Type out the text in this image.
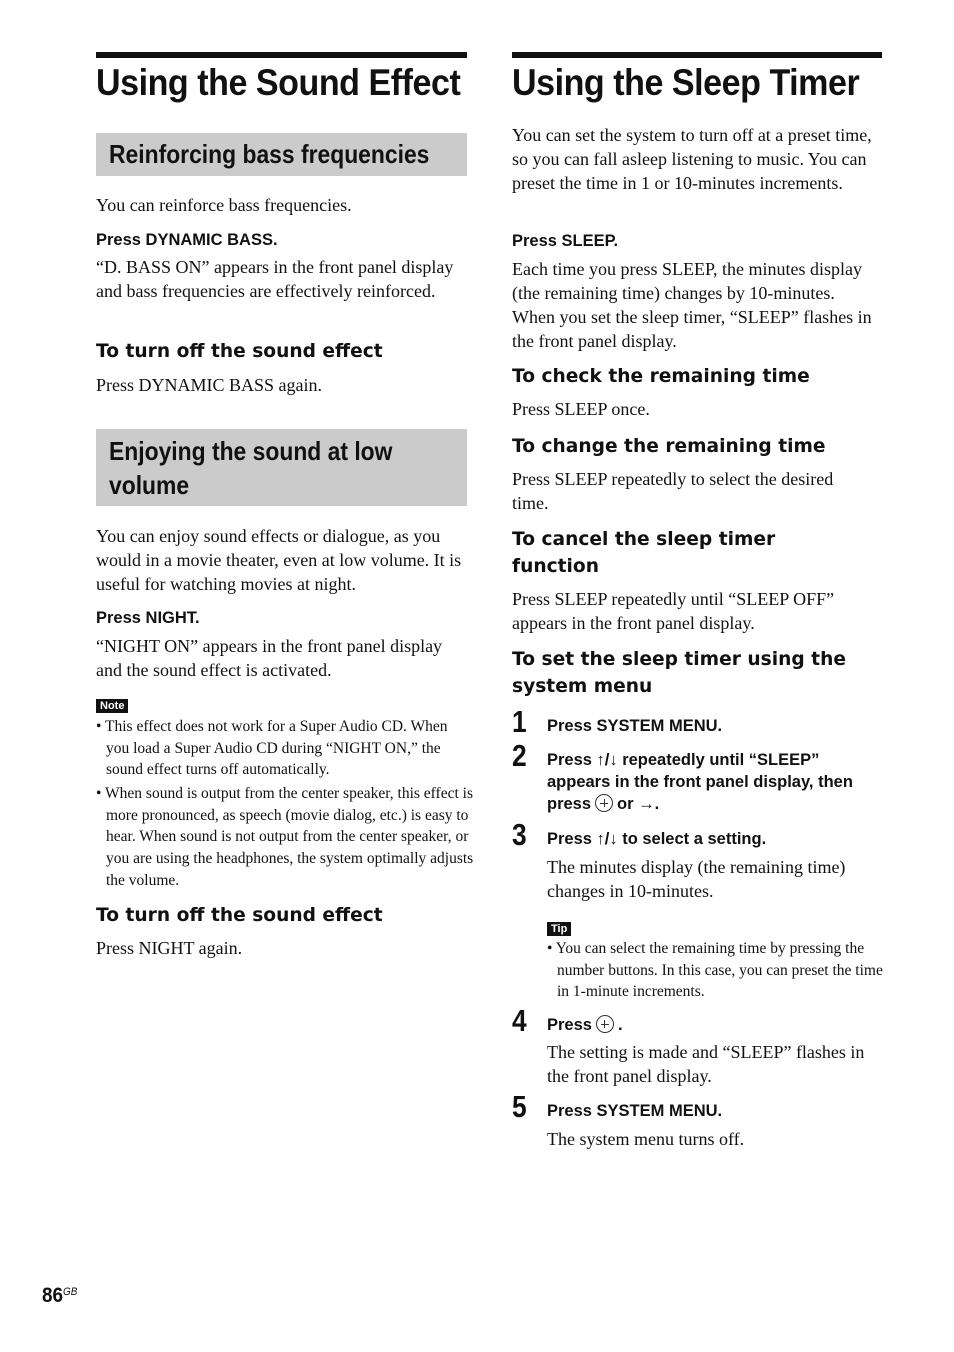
Using the Sound Effect
Reinforcing bass frequencies

You can reinforce bass frequencies.

Press DYNAMIC BASS.

“D. BASS ON” appears in the front panel display and bass frequencies are effectively reinforced.

To turn off the sound effect

Press DYNAMIC BASS again.

Enjoying the sound at low
volume

You can enjoy sound effects or dialogue, as you would in a movie theater, even at low volume. It is useful for watching movies at night.

Press NIGHT.

“NIGHT ON” appears in the front panel display and the sound effect is activated.

Note

• This effect does not work for a Super Audio CD. When you load a Super Audio CD during “NIGHT ON,” the sound effect turns off automatically.

• When sound is output from the center speaker, this effect is more pronounced, as speech (movie dialog, etc.) is easy to hear. When sound is not output from the center speaker, or you are using the headphones, the system optimally adjusts the volume.

To turn off the sound effect

Press NIGHT again.

Using the Sleep Timer

You can set the system to turn off at a preset time, so you can fall asleep listening to music. You can preset the time in 1 or 10-minutes increments.

Press SLEEP.

Each time you press SLEEP, the minutes display (the remaining time) changes by 10-minutes. When you set the sleep timer, “SLEEP” flashes in the front panel display.

To check the remaining time

Press SLEEP once.

To change the remaining time

Press SLEEP repeatedly to select the desired time.

To cancel the sleep timer
function

Press SLEEP repeatedly until “SLEEP OFF” appears in the front panel display.

To set the sleep timer using the
system menu
1 Press SYSTEM MENU.

2 Press ↑/↓ repeatedly until “SLEEP” appears in the front panel display, then press or →.

3 Press ↑/↓ to select a setting.

The minutes display (the remaining time) changes in 10-minutes.

Tip

• You can select the remaining time by pressing the number buttons. In this case, you can preset the time in 1-minute increments.

4 Press .

The setting is made and “SLEEP” flashes in the front panel display.

5 Press SYSTEM MENU.

The system menu turns off.

$86^{GB}$
